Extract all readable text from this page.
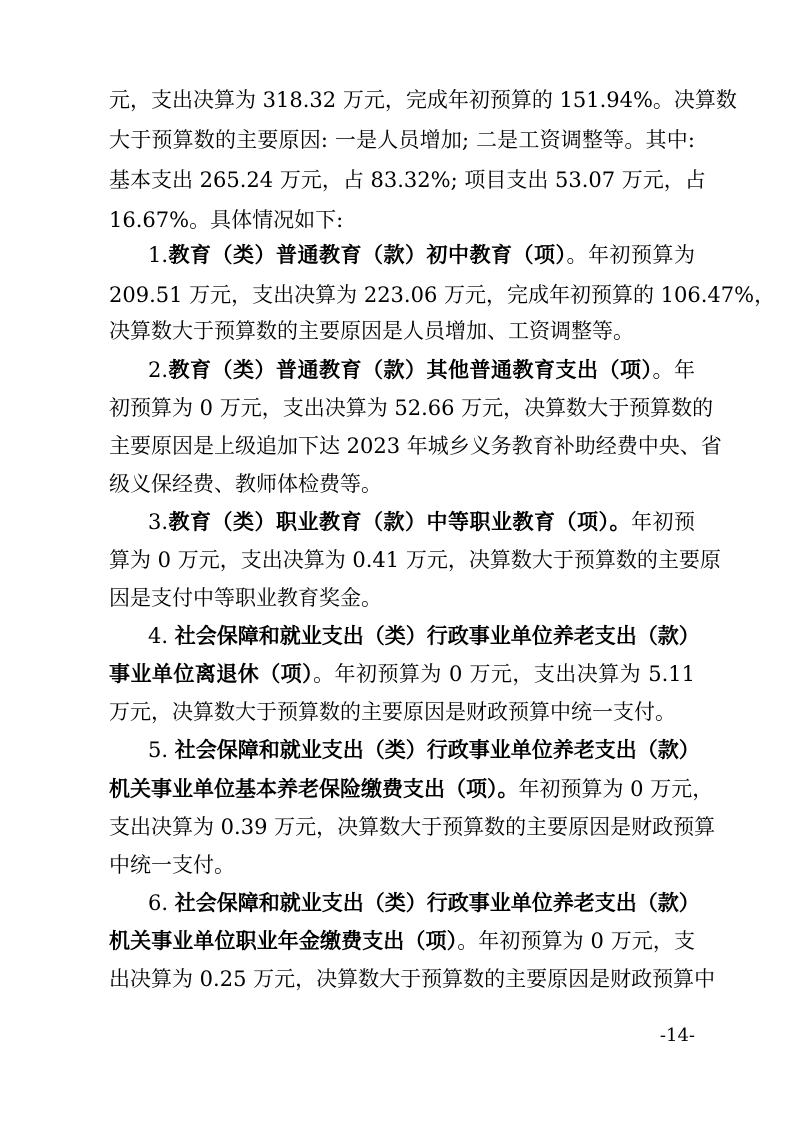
元，支出决算为 318.32 万元，完成年初预算的 151.94%。决算数
大于预算数的主要原因: 一是人员增加; 二是工资调整等。其中:
基本支出 265.24 万元，占 83.32%; 项目支出 53.07 万元，占
16.67%。具体情况如下:
1.教育（类）普通教育（款）初中教育（项）。年初预算为
209.51 万元，支出决算为 223.06 万元，完成年初预算的 106.47%，
决算数大于预算数的主要原因是人员增加、工资调整等。
2.教育（类）普通教育（款）其他普通教育支出（项）。年
初预算为 0 万元，支出决算为 52.66 万元，决算数大于预算数的
主要原因是上级追加下达 2023 年城乡义务教育补助经费中央、省
级义保经费、教师体检费等。
3.教育（类）职业教育（款）中等职业教育（项）。年初预
算为 0 万元，支出决算为 0.41 万元，决算数大于预算数的主要原
因是支付中等职业教育奖金。
4. 社会保障和就业支出（类）行政事业单位养老支出（款）
事业单位离退休（项）。年初预算为 0 万元，支出决算为 5.11
万元，决算数大于预算数的主要原因是财政预算中统一支付。
5. 社会保障和就业支出（类）行政事业单位养老支出（款）
机关事业单位基本养老保险缴费支出（项）。年初预算为 0 万元，
支出决算为 0.39 万元，决算数大于预算数的主要原因是财政预算
中统一支付。
6. 社会保障和就业支出（类）行政事业单位养老支出（款）
机关事业单位职业年金缴费支出（项）。年初预算为 0 万元，支
出决算为 0.25 万元，决算数大于预算数的主要原因是财政预算中
-14-
